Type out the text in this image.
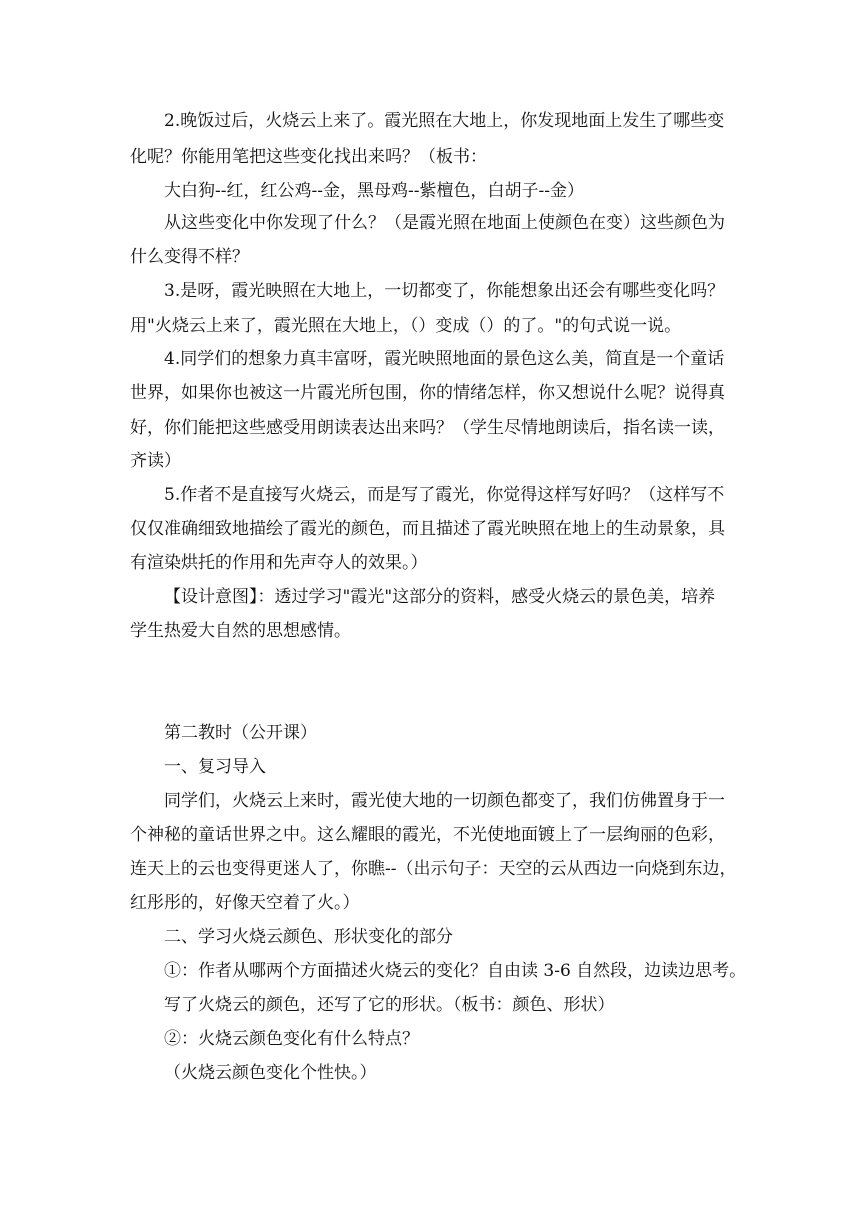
2.晚饭过后，火烧云上来了。霞光照在大地上，你发现地面上发生了哪些变
化呢？你能用笔把这些变化找出来吗？（板书：
大白狗--红，红公鸡--金，黑母鸡--紫檀色，白胡子--金）
从这些变化中你发现了什么？（是霞光照在地面上使颜色在变）这些颜色为
什么变得不样？
3.是呀，霞光映照在大地上，一切都变了，你能想象出还会有哪些变化吗？
用"火烧云上来了，霞光照在大地上，（）变成（）的了。"的句式说一说。
4.同学们的想象力真丰富呀，霞光映照地面的景色这么美，简直是一个童话
世界，如果你也被这一片霞光所包围，你的情绪怎样，你又想说什么呢？说得真
好，你们能把这些感受用朗读表达出来吗？（学生尽情地朗读后，指名读一读，
齐读）
5.作者不是直接写火烧云，而是写了霞光，你觉得这样写好吗？（这样写不
仅仅准确细致地描绘了霞光的颜色，而且描述了霞光映照在地上的生动景象，具
有渲染烘托的作用和先声夺人的效果。）
【设计意图】：透过学习"霞光"这部分的资料，感受火烧云的景色美，培养
学生热爱大自然的思想感情。
第二教时（公开课）
一、复习导入
同学们，火烧云上来时，霞光使大地的一切颜色都变了，我们仿佛置身于一
个神秘的童话世界之中。这么耀眼的霞光，不光使地面镀上了一层绚丽的色彩，
连天上的云也变得更迷人了，你瞧--（出示句子：天空的云从西边一向烧到东边，
红彤彤的，好像天空着了火。）
二、学习火烧云颜色、形状变化的部分
①：作者从哪两个方面描述火烧云的变化？自由读 3-6 自然段，边读边思考。
写了火烧云的颜色，还写了它的形状。（板书：颜色、形状）
②：火烧云颜色变化有什么特点？
（火烧云颜色变化个性快。）
